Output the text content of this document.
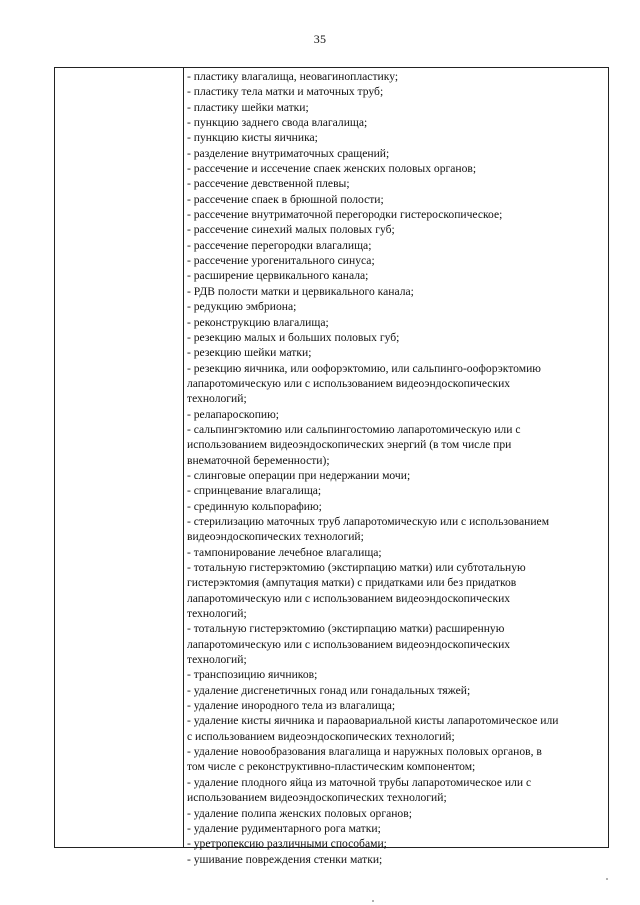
35
- пластику влагалища, неовагинопластику;
- пластику тела матки и маточных труб;
- пластику шейки матки;
- пункцию заднего свода влагалища;
- пункцию кисты яичника;
- разделение внутриматочных сращений;
- рассечение и иссечение спаек женских половых органов;
- рассечение девственной плевы;
- рассечение спаек в брюшной полости;
- рассечение внутриматочной перегородки гистероскопическое;
- рассечение синехий малых половых губ;
- рассечение перегородки влагалища;
- рассечение урогенитального синуса;
- расширение цервикального канала;
- РДВ полости матки и цервикального канала;
- редукцию эмбриона;
- реконструкцию влагалища;
- резекцию малых и больших половых губ;
- резекцию шейки матки;
- резекцию яичника, или оофорэктомию, или сальпинго-оофорэктомию
лапаротомическую или с использованием видеоэндоскопических
технологий;
- релапароскопию;
- сальпингэктомию или сальпингостомию лапаротомическую или с
использованием видеоэндоскопических энергий (в том числе при
внематочной беременности);
- слинговые операции при недержании мочи;
- спринцевание влагалища;
- срединную кольпорафию;
- стерилизацию маточных труб лапаротомическую или с использованием
видеоэндоскопических технологий;
- тампонирование лечебное влагалища;
- тотальную гистерэктомию (экстирпацию матки) или субтотальную
гистерэктомия (ампутация матки) с придатками или без придатков
лапаротомическую или с использованием видеоэндоскопических
технологий;
- тотальную гистерэктомию (экстирпацию матки) расширенную
лапаротомическую или с использованием видеоэндоскопических
технологий;
- транспозицию яичников;
- удаление дисгенетичных гонад или гонадальных тяжей;
- удаление инородного тела из влагалища;
- удаление кисты яичника и параовариальной кисты лапаротомическое или
с использованием видеоэндоскопических технологий;
- удаление новообразования влагалища и наружных половых органов, в
том числе с реконструктивно-пластическим компонентом;
- удаление плодного яйца из маточной трубы лапаротомическое или с
использованием видеоэндоскопических технологий;
- удаление полипа женских половых органов;
- удаление рудиментарного рога матки;
- уретропексию различными способами;
- ушивание повреждения стенки матки;
